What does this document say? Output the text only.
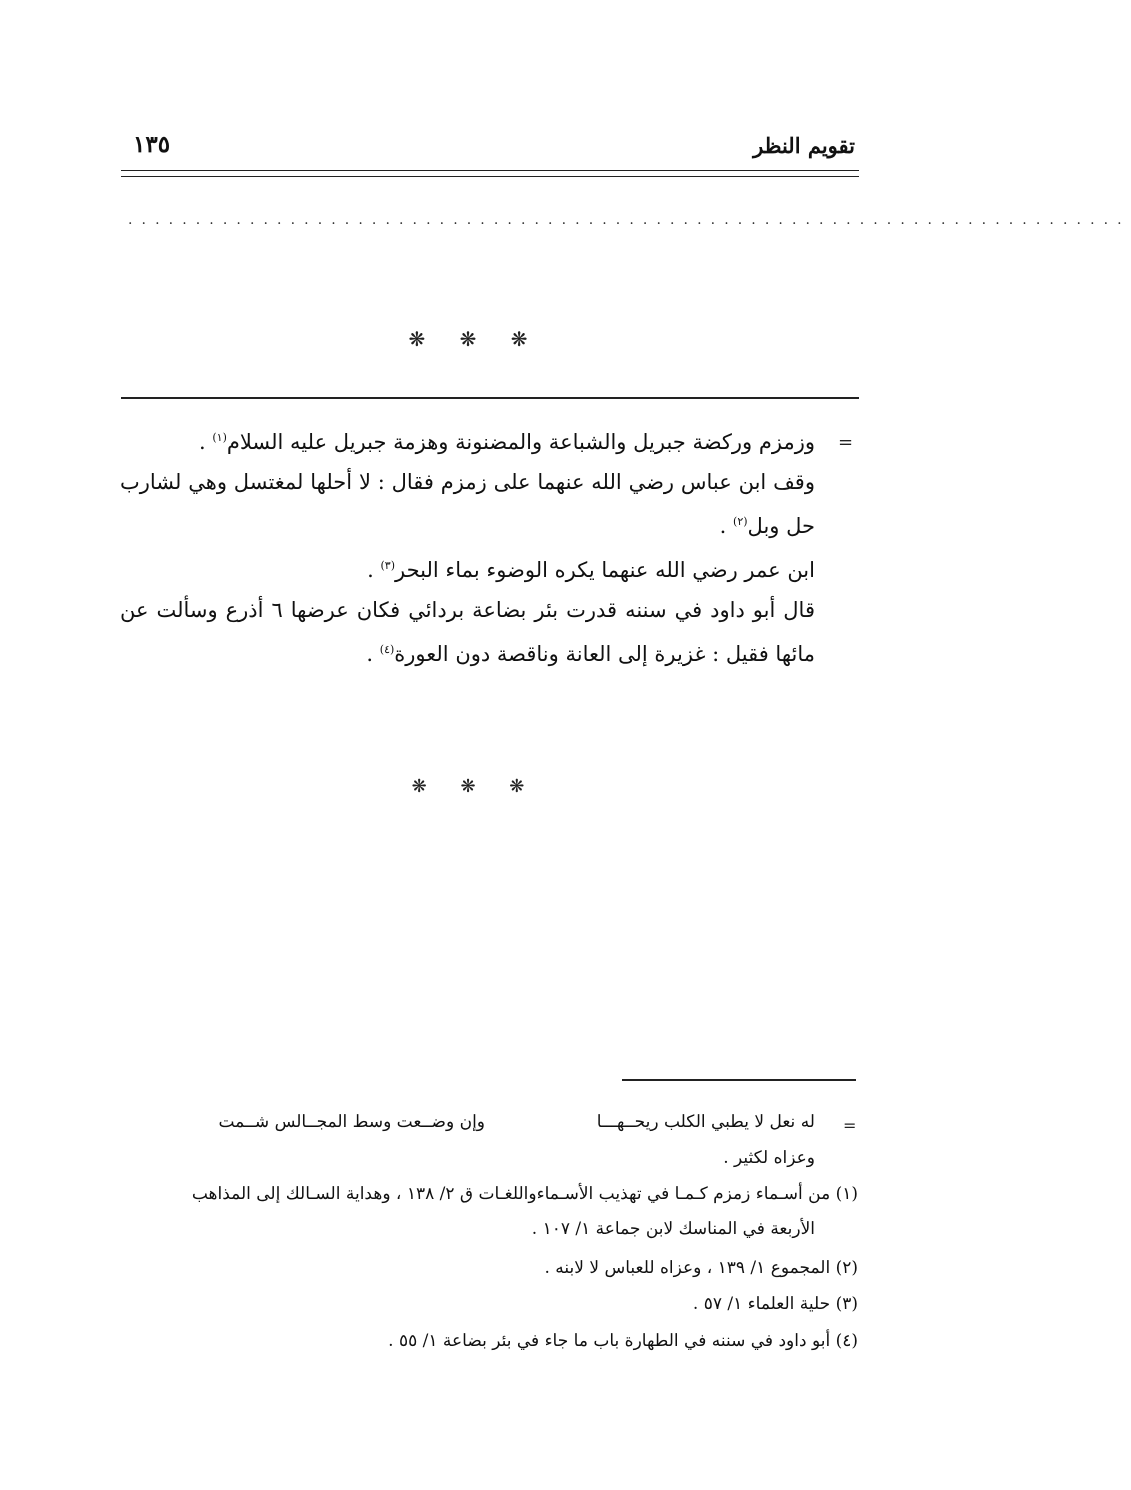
تقويم النظر
١٣٥
..........................................................................
❋ ❋ ❋
=
وزمزم وركضة جبريل والشباعة والمضنونة وهزمة جبريل عليه السلام$^{(١)}$ .
وقف ابن عباس رضي الله عنهما على زمزم فقال : لا أحلها لمغتسل وهي لشارب
حل وبل$^{(٢)}$ .
ابن عمر رضي الله عنهما يكره الوضوء بماء البحر$^{(٣)}$ .
قال أبو داود في سننه قدرت بئر بضاعة بردائي فكان عرضها ٦ أذرع وسألت عن
مائها فقيل : غزيرة إلى العانة وناقصة دون العورة$^{(٤)}$ .
❋ ❋ ❋
=
له نعل لا يطبي الكلب ريحــهـــا
وإن وضــعت وسط المجــالس شــمت
وعزاه لكثير .
(١) من أسـماء زمزم كـمـا في تهذيب الأسـماءواللغـات ق ٢/ ١٣٨ ، وهداية السـالك إلى المذاهب
الأربعة في المناسك لابن جماعة ١/ ١٠٧ .
(٢) المجموع ١/ ١٣٩ ، وعزاه للعباس لا لابنه .
(٣) حلية العلماء ١/ ٥٧ .
(٤) أبو داود في سننه في الطهارة باب ما جاء في بئر بضاعة ١/ ٥٥ .
